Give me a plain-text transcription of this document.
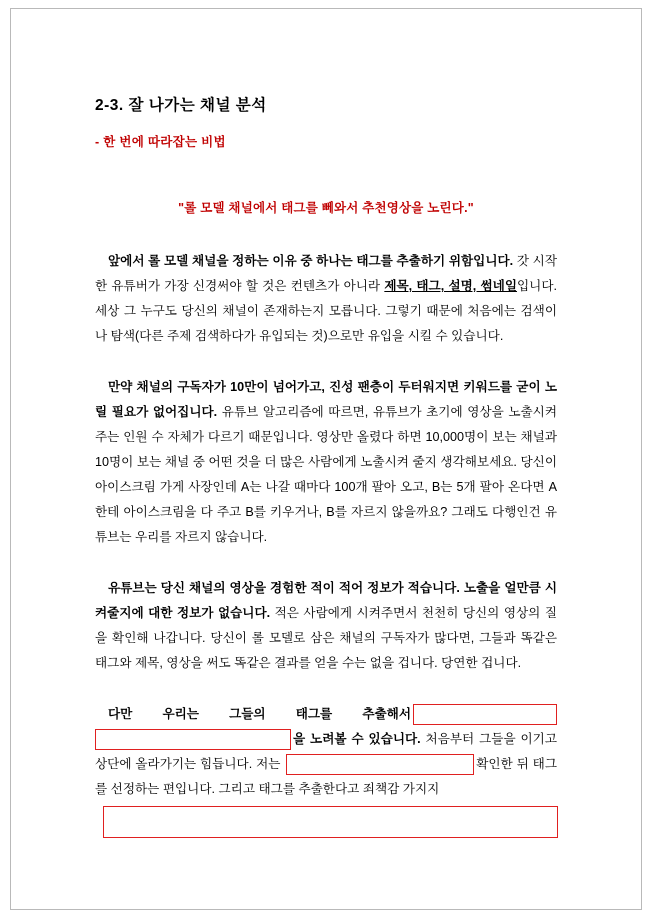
2-3. 잘 나가는 채널 분석
- 한 번에 따라잡는 비법

"롤 모델 채널에서 태그를 뻬와서 추천영상을 노린다."

앞에서 롤 모델 채널을 정하는 이유 중 하나는 태그를 추출하기 위함입니다. 갓 시작한 유튜버가 가장 신경써야 할 것은 컨텐츠가 아니라 제목, 태그, 설명, 썸네일입니다. 세상 그 누구도 당신의 채널이 존재하는지 모릅니다. 그렇기 때문에 처음에는 검색이나 탐색(다른 주제 검색하다가 유입되는 것)으로만 유입을 시킬 수 있습니다.

만약 채널의 구독자가 10만이 넘어가고, 진성 팬층이 두터워지면 키워드를 굳이 노릴 필요가 없어집니다. 유튜브 알고리즘에 따르면, 유튜브가 초기에 영상을 노출시켜주는 인원 수 자체가 다르기 때문입니다. 영상만 올렸다 하면 10,000명이 보는 채널과 10명이 보는 채널 중 어떤 것을 더 많은 사람에게 노출시켜 줄지 생각해보세요. 당신이 아이스크림 가게 사장인데 A는 나갈 때마다 100개 팔아 오고, B는 5개 팔아 온다면 A한테 아이스크림을 다 주고 B를 키우거나, B를 자르지 않을까요? 그래도 다행인건 유튜브는 우리를 자르지 않습니다.

유튜브는 당신 채널의 영상을 경험한 적이 적어 정보가 적습니다. 노출을 얼만큼 시켜줄지에 대한 정보가 없습니다. 적은 사람에게 시켜주면서 천천히 당신의 영상의 질을 확인해 나갑니다. 당신이 롤 모델로 삼은 채널의 구독자가 많다면, 그들과 똑같은 태그와 제목, 영상을 써도 똑같은 결과를 얻을 수는 없을 겁니다. 당연한 겁니다.

다만 우리는 그들의 태그를 추출해서을 노려볼 수 있습니다. 처음부터 그들을 이기고 상단에 올라가기는 힘듭니다. 저는	확인한 뒤 태그를 선정하는 편입니다. 그리고 태그를 추출한다고 죄책감 가지지
